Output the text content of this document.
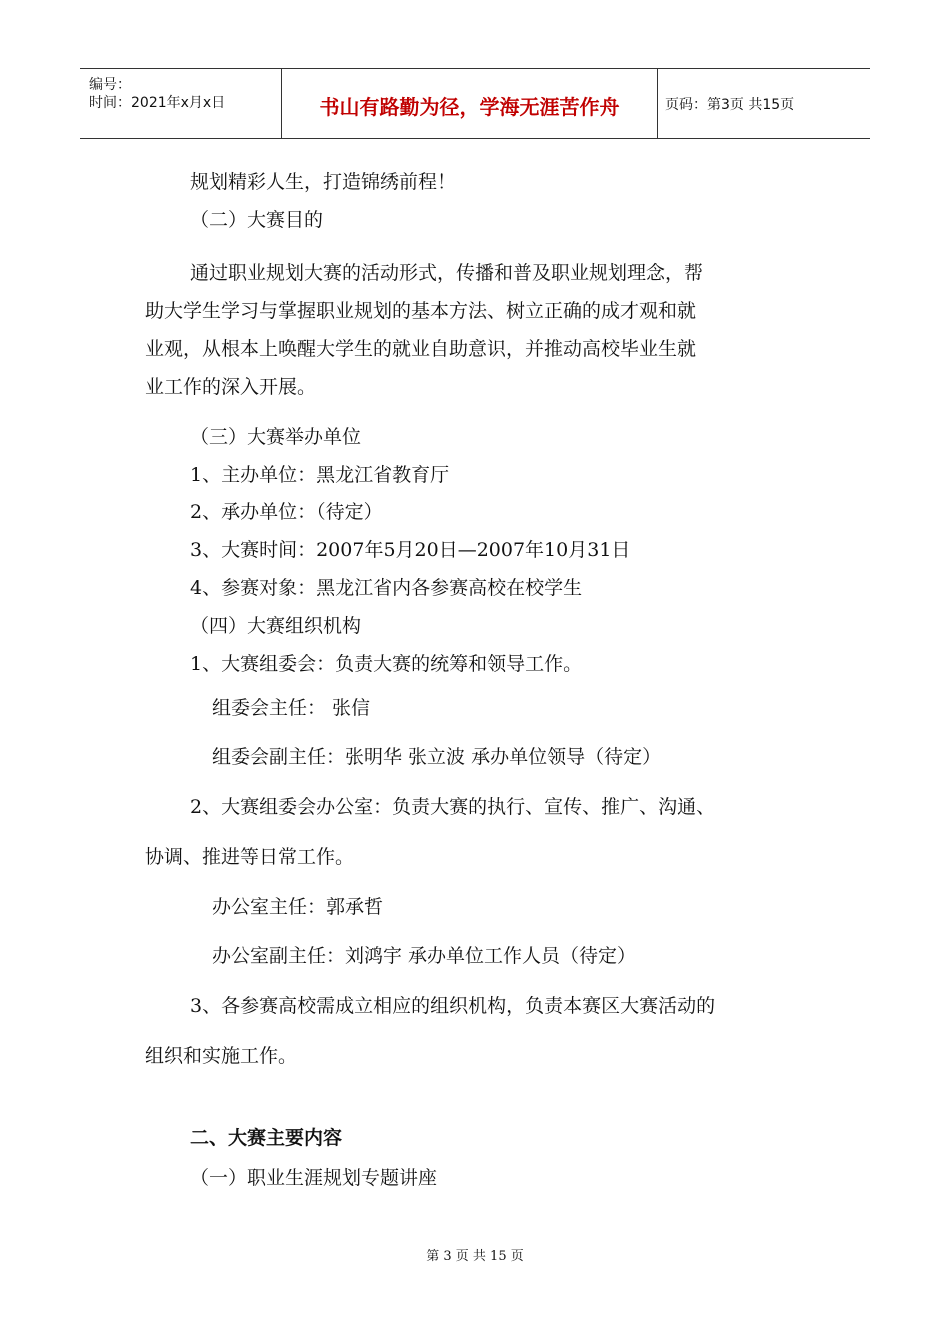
编号：
时间：2021年x月x日	书山有路勤为径，学海无涯苦作舟	页码：第3页 共15页
规划精彩人生，打造锦绣前程！
（二）大赛目的
通过职业规划大赛的活动形式，传播和普及职业规划理念，帮
助大学生学习与掌握职业规划的基本方法、树立正确的成才观和就
业观，从根本上唤醒大学生的就业自助意识，并推动高校毕业生就
业工作的深入开展。
（三）大赛举办单位
1、主办单位：黑龙江省教育厅
2、承办单位：（待定）
3、大赛时间：2007年5月20日—2007年10月31日
4、参赛对象：黑龙江省内各参赛高校在校学生
（四）大赛组织机构
1、大赛组委会：负责大赛的统筹和领导工作。
组委会主任： 张信
组委会副主任：张明华 张立波 承办单位领导（待定）
2、大赛组委会办公室：负责大赛的执行、宣传、推广、沟通、
协调、推进等日常工作。
办公室主任：郭承哲
办公室副主任：刘鸿宇 承办单位工作人员（待定）
3、各参赛高校需成立相应的组织机构，负责本赛区大赛活动的
组织和实施工作。
二、大赛主要内容
（一）职业生涯规划专题讲座
第 3 页 共 15 页
